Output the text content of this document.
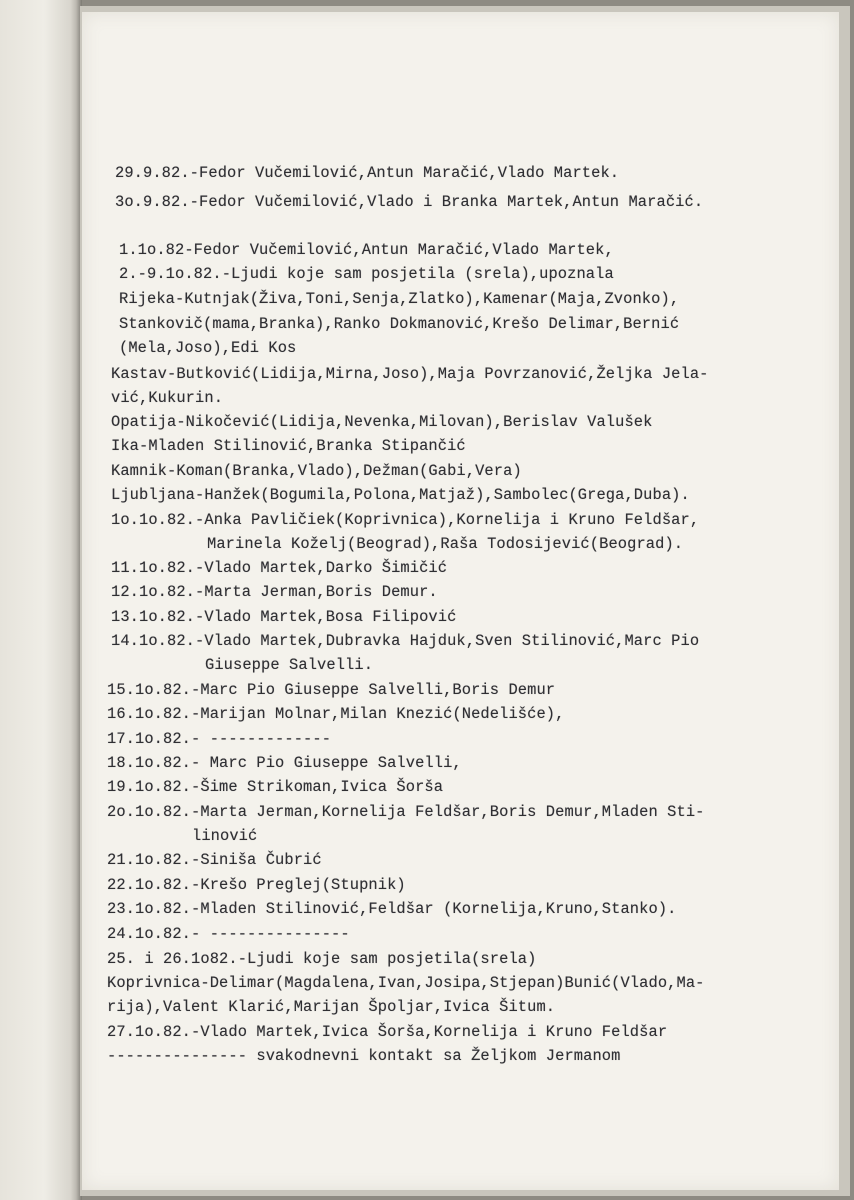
29.9.82.-Fedor Vučemilović,Antun Maračić,Vlado Martek.
3o.9.82.-Fedor Vučemilović,Vlado i Branka Martek,Antun Maračić.
1.1o.82-Fedor Vučemilović,Antun Maračić,Vlado Martek,
2.-9.1o.82.-Ljudi koje sam posjetila (srela),upoznala
Rijeka-Kutnjak(Živa,Toni,Senja,Zlatko),Kamenar(Maja,Zvonko),
Stankovič(mama,Branka),Ranko Dokmanović,Krešo Delimar,Bernić
(Mela,Joso),Edi Kos
Kastav-Butković(Lidija,Mirna,Joso),Maja Povrzanović,Željka Jela-
vić,Kukurin.
Opatija-Nikočević(Lidija,Nevenka,Milovan),Berislav Valušek
Ika-Mladen Stilinović,Branka Stipančić
Kamnik-Koman(Branka,Vlado),Dežman(Gabi,Vera)
Ljubljana-Hanžek(Bogumila,Polona,Matjaž),Sambolec(Grega,Duba).
1o.1o.82.-Anka Pavličiek(Koprivnica),Kornelija i Kruno Feldšar,
Marinela Koželj(Beograd),Raša Todosijević(Beograd).
11.1o.82.-Vlado Martek,Darko Šimičić
12.1o.82.-Marta Jerman,Boris Demur.
13.1o.82.-Vlado Martek,Bosa Filipović
14.1o.82.-Vlado Martek,Dubravka Hajduk,Sven Stilinović,Marc Pio
Giuseppe Salvelli.
15.1o.82.-Marc Pio Giuseppe Salvelli,Boris Demur
16.1o.82.-Marijan Molnar,Milan Knezić(Nedelišće),
17.1o.82.- -------------
18.1o.82.- Marc Pio Giuseppe Salvelli,
19.1o.82.-Šime Strikoman,Ivica Šorša
2o.1o.82.-Marta Jerman,Kornelija Feldšar,Boris Demur,Mladen Sti-
linović
21.1o.82.-Siniša Čubrić
22.1o.82.-Krešo Preglej(Stupnik)
23.1o.82.-Mladen Stilinović,Feldšar (Kornelija,Kruno,Stanko).
24.1o.82.- ---------------
25. i 26.1o82.-Ljudi koje sam posjetila(srela)
Koprivnica-Delimar(Magdalena,Ivan,Josipa,Stjepan)Bunić(Vlado,Ma-
rija),Valent Klarić,Marijan Špoljar,Ivica Šitum.
27.1o.82.-Vlado Martek,Ivica Šorša,Kornelija i Kruno Feldšar
--------------- svakodnevni kontakt sa Željkom Jermanom
